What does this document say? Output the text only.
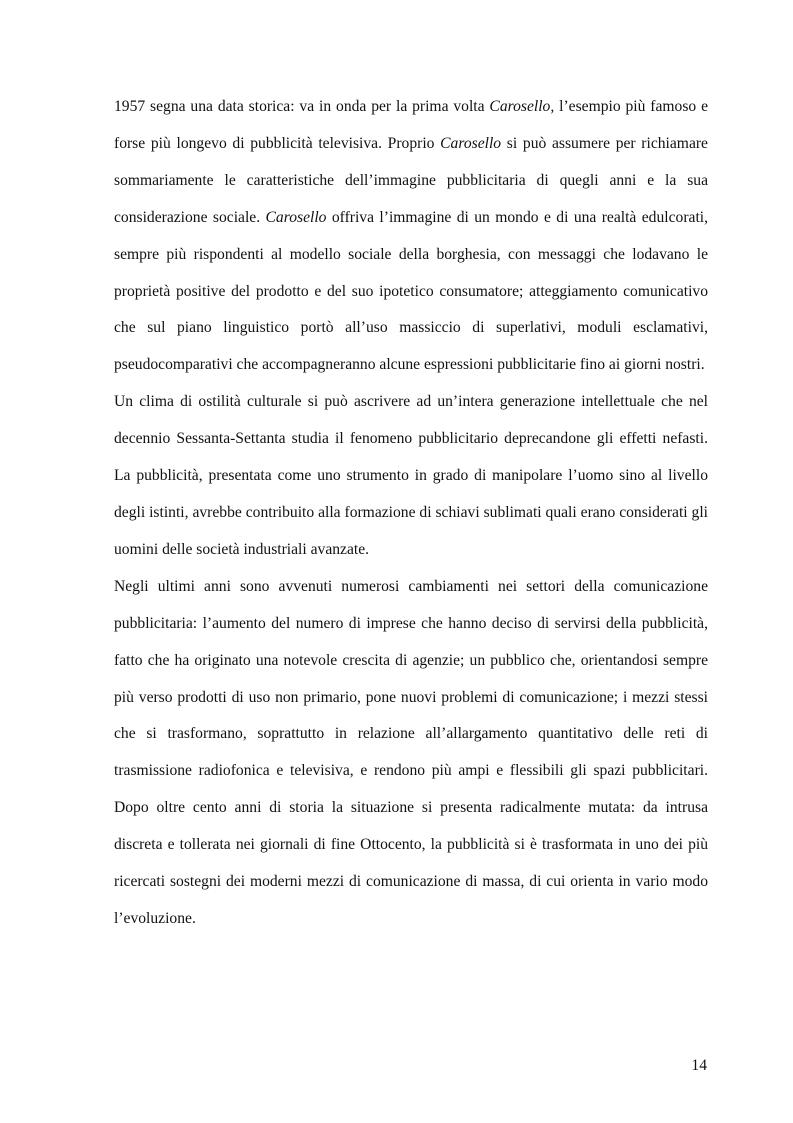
1957 segna una data storica: va in onda per la prima volta Carosello, l’esempio più famoso e forse più longevo di pubblicità televisiva. Proprio Carosello si può assumere per richiamare sommariamente le caratteristiche dell’immagine pubblicitaria di quegli anni e la sua considerazione sociale. Carosello offriva l’immagine di un mondo e di una realtà edulcorati, sempre più rispondenti al modello sociale della borghesia, con messaggi che lodavano le proprietà positive del prodotto e del suo ipotetico consumatore; atteggiamento comunicativo che sul piano linguistico portò all’uso massiccio di superlativi, moduli esclamativi, pseudocomparativi che accompagneranno alcune espressioni pubblicitarie fino ai giorni nostri.

Un clima di ostilità culturale si può ascrivere ad un’intera generazione intellettuale che nel decennio Sessanta-Settanta studia il fenomeno pubblicitario deprecandone gli effetti nefasti. La pubblicità, presentata come uno strumento in grado di manipolare l’uomo sino al livello degli istinti, avrebbe contribuito alla formazione di schiavi sublimati quali erano considerati gli uomini delle società industriali avanzate.

Negli ultimi anni sono avvenuti numerosi cambiamenti nei settori della comunicazione pubblicitaria: l’aumento del numero di imprese che hanno deciso di servirsi della pubblicità, fatto che ha originato una notevole crescita di agenzie; un pubblico che, orientandosi sempre più verso prodotti di uso non primario, pone nuovi problemi di comunicazione; i mezzi stessi che si trasformano, soprattutto in relazione all’allargamento quantitativo delle reti di trasmissione radiofonica e televisiva, e rendono più ampi e flessibili gli spazi pubblicitari. Dopo oltre cento anni di storia la situazione si presenta radicalmente mutata: da intrusa discreta e tollerata nei giornali di fine Ottocento, la pubblicità si è trasformata in uno dei più ricercati sostegni dei moderni mezzi di comunicazione di massa, di cui orienta in vario modo l’evoluzione.

14
